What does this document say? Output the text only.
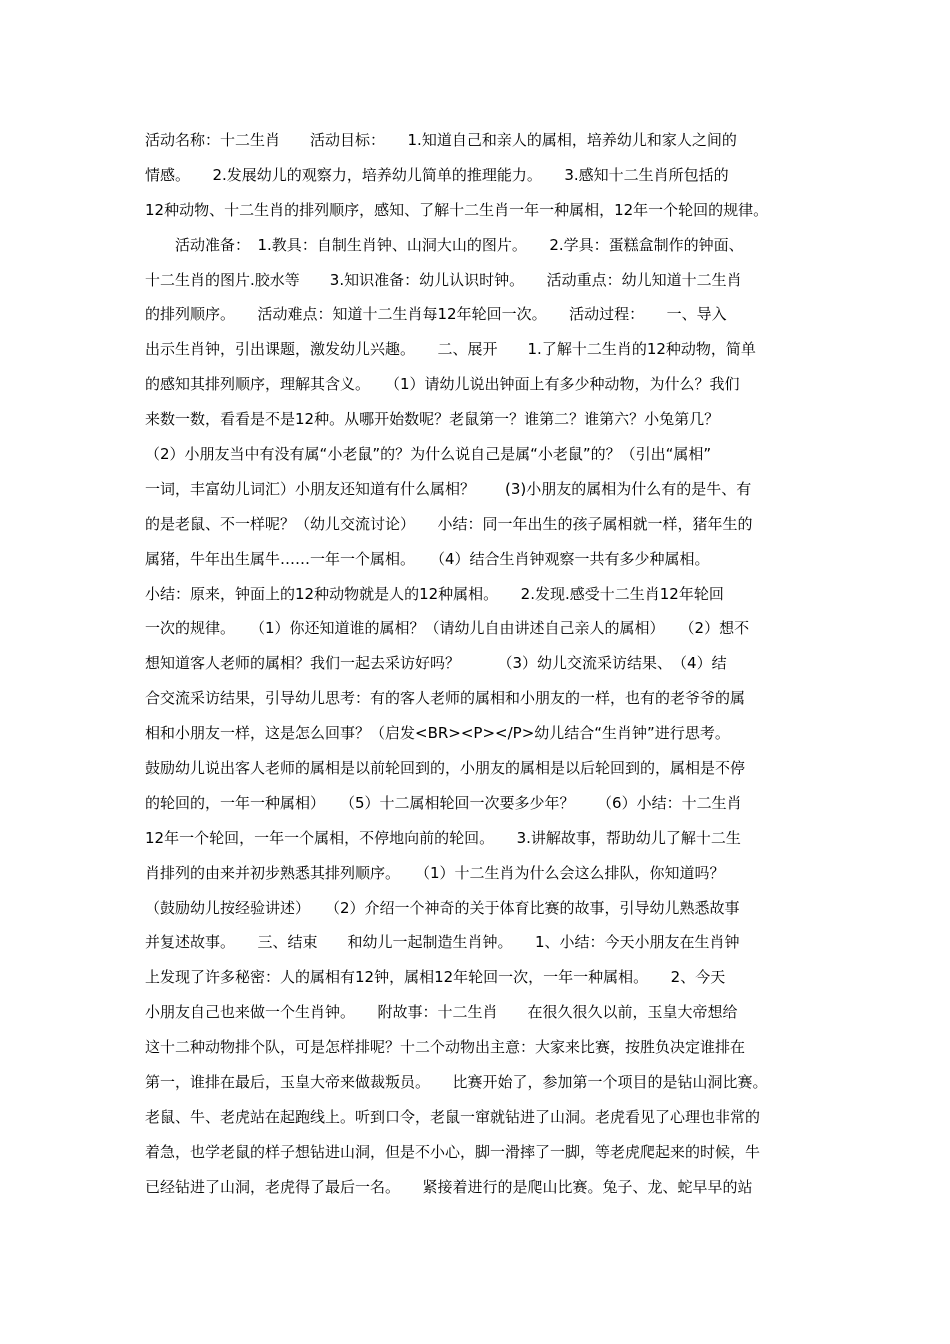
活动名称：十二生肖　　活动目标：　　1.知道自己和亲人的属相，培养幼儿和家人之间的
情感。　　2.发展幼儿的观察力，培养幼儿简单的推理能力。　　3.感知十二生肖所包括的
12种动物、十二生肖的排列顺序，感知、了解十二生肖一年一种属相，12年一个轮回的规律。
　　活动准备：　1.教具：自制生肖钟、山洞大山的图片。　　2.学具：蛋糕盒制作的钟面、
十二生肖的图片.胶水等　　3.知识准备：幼儿认识时钟。　　活动重点：幼儿知道十二生肖
的排列顺序。　　活动难点：知道十二生肖每12年轮回一次。　　活动过程：　　一、导入
出示生肖钟，引出课题，激发幼儿兴趣。　　二、展开　　1.了解十二生肖的12种动物，简单
的感知其排列顺序，理解其含义。　　（1）请幼儿说出钟面上有多少种动物，为什么？我们
来数一数，看看是不是12种。从哪开始数呢？老鼠第一？谁第二？谁第六？小兔第几？
（2）小朋友当中有没有属“小老鼠”的？为什么说自己是属“小老鼠”的？（引出“属相”
一词，丰富幼儿词汇）小朋友还知道有什么属相？　　(3)小朋友的属相为什么有的是牛、有
的是老鼠、不一样呢？（幼儿交流讨论）　　小结：同一年出生的孩子属相就一样，猪年生的
属猪，牛年出生属牛……一年一个属相。　　（4）结合生肖钟观察一共有多少种属相。
小结：原来，钟面上的12种动物就是人的12种属相。　　2.发现.感受十二生肖12年轮回
一次的规律。　　（1）你还知道谁的属相？（请幼儿自由讲述自己亲人的属相）　　（2）想不
想知道客人老师的属相？我们一起去采访好吗？　　　（3）幼儿交流采访结果、　（4）结
合交流采访结果，引导幼儿思考：有的客人老师的属相和小朋友的一样，也有的老爷爷的属
相和小朋友一样，这是怎么回事？（启发<BR><P></P>幼儿结合“生肖钟”进行思考。
鼓励幼儿说出客人老师的属相是以前轮回到的，小朋友的属相是以后轮回到的，属相是不停
的轮回的，一年一种属相）　　（5）十二属相轮回一次要多少年？　　（6）小结：十二生肖
12年一个轮回，一年一个属相，不停地向前的轮回。　　3.讲解故事，帮助幼儿了解十二生
肖排列的由来并初步熟悉其排列顺序。　　（1）十二生肖为什么会这么排队，你知道吗？
（鼓励幼儿按经验讲述）　　（2）介绍一个神奇的关于体育比赛的故事，引导幼儿熟悉故事
并复述故事。　　三、结束　　和幼儿一起制造生肖钟。　　1、小结：今天小朋友在生肖钟
上发现了许多秘密：人的属相有12钟，属相12年轮回一次，一年一种属相。　　2、今天
小朋友自己也来做一个生肖钟。　　附故事：十二生肖　　在很久很久以前，玉皇大帝想给
这十二种动物排个队，可是怎样排呢？十二个动物出主意：大家来比赛，按胜负决定谁排在
第一，谁排在最后，玉皇大帝来做裁叛员。　　比赛开始了，参加第一个项目的是钻山洞比赛。
老鼠、牛、老虎站在起跑线上。听到口令，老鼠一窜就钻进了山洞。老虎看见了心理也非常的
着急，也学老鼠的样子想钻进山洞，但是不小心，脚一滑摔了一脚，等老虎爬起来的时候，牛
已经钻进了山洞，老虎得了最后一名。　　紧接着进行的是爬山比赛。兔子、龙、蛇早早的站
